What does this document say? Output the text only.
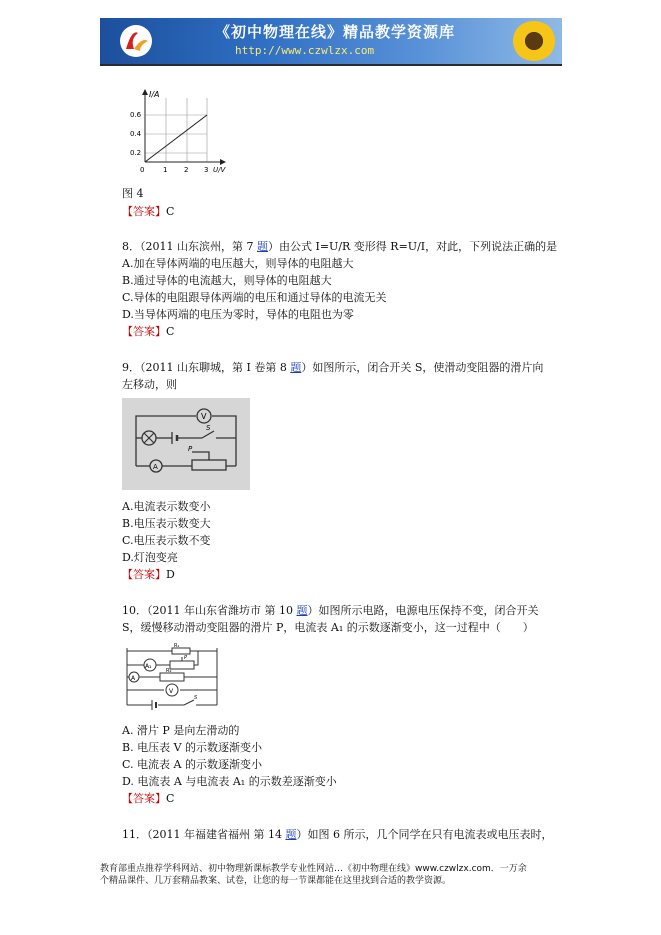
《初中物理在线》精品教学资源库
http://www.czwlzx.com
I/A
0.6
0.4
0.2
0	1 2 3 U/V
图 4
【答案】C
8．（2011 山东滨州，第 7 题）由公式 I=U/R 变形得 R=U/I，对此，下列说法正确的是
A.加在导体两端的电压越大，则导体的电阻越大
B.通过导体的电流越大，则导体的电阻越大
C.导体的电阻跟导体两端的电压和通过导体的电流无关
D.当导体两端的电压为零时，导体的电阻也为零
【答案】C
9．（2011 山东聊城，第 I 卷第 8 题）如图所示，闭合开关 S，使滑动变阻器的滑片向
左移动，则
V
A
S
P
A.电流表示数变小
B.电压表示数变大
C.电压表示数不变
D.灯泡变亮
【答案】D
10．（2011 年山东省潍坊市 第 10 题）如图所示电路，电源电压保持不变，闭合开关
S，缓慢移动滑动变阻器的滑片 P，电流表 A₁ 的示数逐渐变小，这一过程中（　　）
A₁
V
A
R₁
R₂
P
S
A. 滑片 P 是向左滑动的
B. 电压表 V 的示数逐渐变小
C. 电流表 A 的示数逐渐变小
D. 电流表 A 与电流表 A₁ 的示数差逐渐变小
【答案】C
11．（2011 年福建省福州 第 14 题）如图 6 所示，几个同学在只有电流表或电压表时，
教育部重点推荐学科网站、初中物理新课标教学专业性网站…《初中物理在线》www.czwlzx.com．一万余
个精品课件、几万套精品教案、试卷，让您的每一节课都能在这里找到合适的教学资源。
